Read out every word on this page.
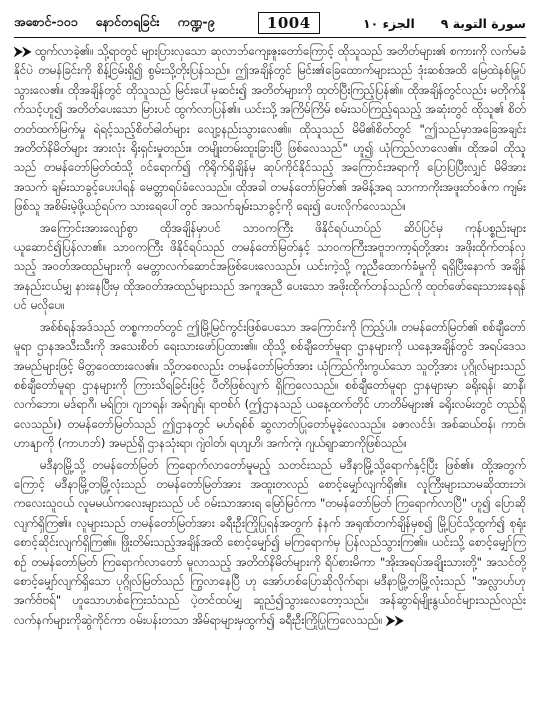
အစောင်-၁၀၁ နောင်တရခြင်း ကဏ္ဍ-၉	1004	سورة التوبة ٩
الجزء ١٠

⮞⮞ ထွက်လာခဲ့၏။ သို့ရာတွင် များပြားလှသော ဆုလာဘ်ကျေးဇူးတော်ကြောင့် ထိုသူသည် အတိတ်များ၏ စကားကို လက်မခံနိုင်ပဲ တမန်ခြင်းကို စိန့်ငြမ်းရှိ၍ စွမ်းသို့တိုးပြန်သည်။ ဤအချိန်တွင် မြင်း၏ခြေထောက်များသည် ဒုံးဆစ်အထိ မြေထဲနစ်မြုပ်သွားလေ၏။ ထိုအချိန်တွင် ထိုသူသည် မြင်းပေါ်မှဆင်း၍ အတိတ်များကို ထုတ်ပြီးကြည့်ပြန်၏။ ထိုအချိန်တွင်လည်း မတိုက်နိုက်သင့်ဟူ၍ အတိတ်ပေးသော မြားပင် ထွက်လာပြန်၏။ ယင်းသို့ အကြိမ်ကြိမ် စမ်းသပ်ကြည့်ရသည့် အဆုံးတွင် ထိုသူ၏ စိတ်တတ်ထက်မြက်မှု ရဲရင့်သည့်စိတ်ဓါတ်များ လျော့နည်းသွားလေ၏။ ထိုသူသည် မိမိ၏စိတ်တွင် "ဤသည်မှာအခြေအချင်း အတိတ်နိမိတ်များ အားလုံး ရိုးရှင်းမှုတည်း။ တမျိုးတမ်းထူးခြားပြီ ဖြစ်လေသည်" ဟူ၍ ယုံကြည်လာလေ၏။ ထိုအခါ ထိုသူသည် တမန်တော်မြတ်ထံသို့ ဝင်ရောက်၍ ကိုရိုက်ရှိချိန်မှ ဆုပ်ကိုင်နိုင်သည့် အကြောင်းအရာကို ပြောပြပြီးလျှင် မိမိအား အသက် ချမ်းသာခွင့်ပေးပါရန် မေတ္တာရပ်ခံလေသည်။ ထိုအခါ တမန်တော်မြတ်၏ အမိန့်အရ သာကာကိုးအဖူးတ်ဝဇ်က ကျမ်းဖြစ်သူ အစိမ်းမဲ့ဖို့ယဉ်ရပ်က သားရေပေါ်တွင် အသက်ချမ်းသာခွင့်ကို ရေး၍ ပေးလိုက်လေသည်။

အကြောင်းအားလျော်စွာ ထိုအချိန်မှာပင် သာဝကကြီး ဖိနိုင်ရပ်ယာပ်ည် ဆိပ်ပြင်မှ ကုန်ပစ္စည်းများ ယူဆောင်၍ပြန်လာ၏။ သာဝကကြီး ဖိနိုင်ရပ်သည် တမန်တော်မြတ်နှင့် သာဝကကြီးအဗူဘကာ့ရ်တို့အား အဖိုးထိုက်တန်လှသည့် အဝတ်အထည်များကို မေတ္တာလက်ဆောင်အဖြစ်ပေးလေသည်။ ယင်းကဲ့သို့ ကူညီထောက်ခံမှုကို ရရှိပြီးနောက် အချိန်အနည်းငယ်မျှ နားနေပြီးမှ ထိုအဝတ်အထည်များသည် အကူအညီ ပေးသော အဖိုးထိုက်တန်သည်ကို ထုတ်ဖော်ရေးသားနေရန်ပင် မလိုပေ။

အစ်စ်ရန်အဒ်သည် တစ္စကာတ်တွင် ဤမြို့မြင်ကွင်းဖြစ်ပေသော အကြောင်းကို ကြည့်ပါ။ တမန်တော်မြတ်၏ စစ်ချီတော်မူရာ ဌာနအသီးသီးကို အသေးစိတ် ရေးသားဖော်ပြထား၏။ ထိုသို့ စစ်ချီတော်မူရာ ဌာနများကို ယနေ့အချိန်တွင် အရပ်ဒေသအမည်များဖြင့် မိတ္တဝေထားလေ၏။ သို့တစေလည်း တမန်တော်မြတ်အား ယုံကြည်ကိုးကွယ်သော သူတို့အား ပုဂ္ဂိုလ်များသည် စစ်ချီတော်မူရာ ဌာနများကို ကြားသိရခြင်းဖြင့် ပီတိဖြစ်လျက် ရှိကြလေသည်။ စစ်ချီတော်မူရာ ဌာနများမှာ ခရိုးရန်၊ ဆာနီ၊ လက်ဘော၊ မဒ်ရာဂီ၊ မရ်ဂြာ၊ ဂျဘရန်၊ အရ်ဂျရ်၊ ရာဗစ်ဂ် (ဤဌာနသည် ယနေ့ထက်တိုင် ဟာတိမ်များ၏ ခရိုးလမ်းတွင် တည်ရှိလေသည်။) တမန်တော်မြတ်သည် ဤဌာနတွင် မဟ်ရစ်စ် ဆွလာတ်ပြုတော်မူခဲ့လေသည်။ ခဇာလင်ဒ်၊ အစ်ဆယ်ဗန်၊ ကာဗ်၊ ဟာနျာကို (ကာပာဘ်) အမည်ရှိ ဌာနသုံးရာ၊ ဂျဲဝါတ်၊ ရဟျဟိ၊ အက်ကဲ့၊ ဂျယ်ရျာဆာကိုဖြစ်သည်။

မဒီနာမြို့သို့ တမန်တော်မြတ် ကြရောက်လာတော်မူမည့် သတင်းသည် မဒီနာမြို့သို့ရောက်နှင့်ပြီး ဖြစ်၏။ ထို့အတွက်ကြောင့် မဒီနာမြို့တမြို့လုံးသည် တမန်တော်မြတ်အား အထူးတလည် စောင့်မျှော်လျက်ရှိ၏။ လူကြီးများသာမဆိုထားဘဲ၊ ကလေးသူငယ် လူမမယ်ကလေးများသည် ပင် ဝမ်းသာအားရ မြော်မြင်ကာ "တမန်တော်မြတ် ကြရောက်လာပြီ" ဟူ၍ ပြောဆိုလျက်ရှိကြ၏။ လူများသည် တမန်တော်မြတ်အား ခရီးဦးကြိုပြုရန်အတွက် နံနက် အရုဏ်တက်ချိန်မှစ၍ မြို့ပြင်သို့ထွက်၍ စုရုံးစောင့်ဆိုင်းလျက်ရှိကြ၏။ ဖြိုးတိမ်းသည့်အချိန်အထိ စောင့်မျှော်၍ မကြရောက်မှ ပြန်လည်သွားကြ၏။ ယင်းသို့ စောင့်မျှော်ကြစဉ် တမန်တော်မြတ် ကြရောက်လာတော် မူလာသည့် အတိတ်နိမိတ်များကို ရိပ်စားမိကာ "အိုးအရပ်အချိုးသားတို့" အသင်တို့ စောင့်မျှော်လျက်ရှိသော ပုဂ္ဂိုလ်မြတ်သည် ကြွလာနေပြီ ဟု အော်ဟစ်ပြောဆိုလိုက်ရာ၊ မဒီနာမြို့တမြို့လုံးသည် "အလ္လာဟ်ဟု အက်ဗ်ဗရ်" ဟူသောဟစ်ကြေးသံသည် ပဲ့တင်ထပ်မျှ ဆူညံ၍သွားလေတော့သည်။ အန်ဆွာရ်မျိုးနွယ်ဝင်များသည်လည်း လက်နက်များကိုဆွဲကိုင်ကာ ဝမ်းပန်းတသာ အိမ်ရာများမှထွက်၍ ခရီးဦးကြိုပြုကြလေသည်။ ⮞⮞
